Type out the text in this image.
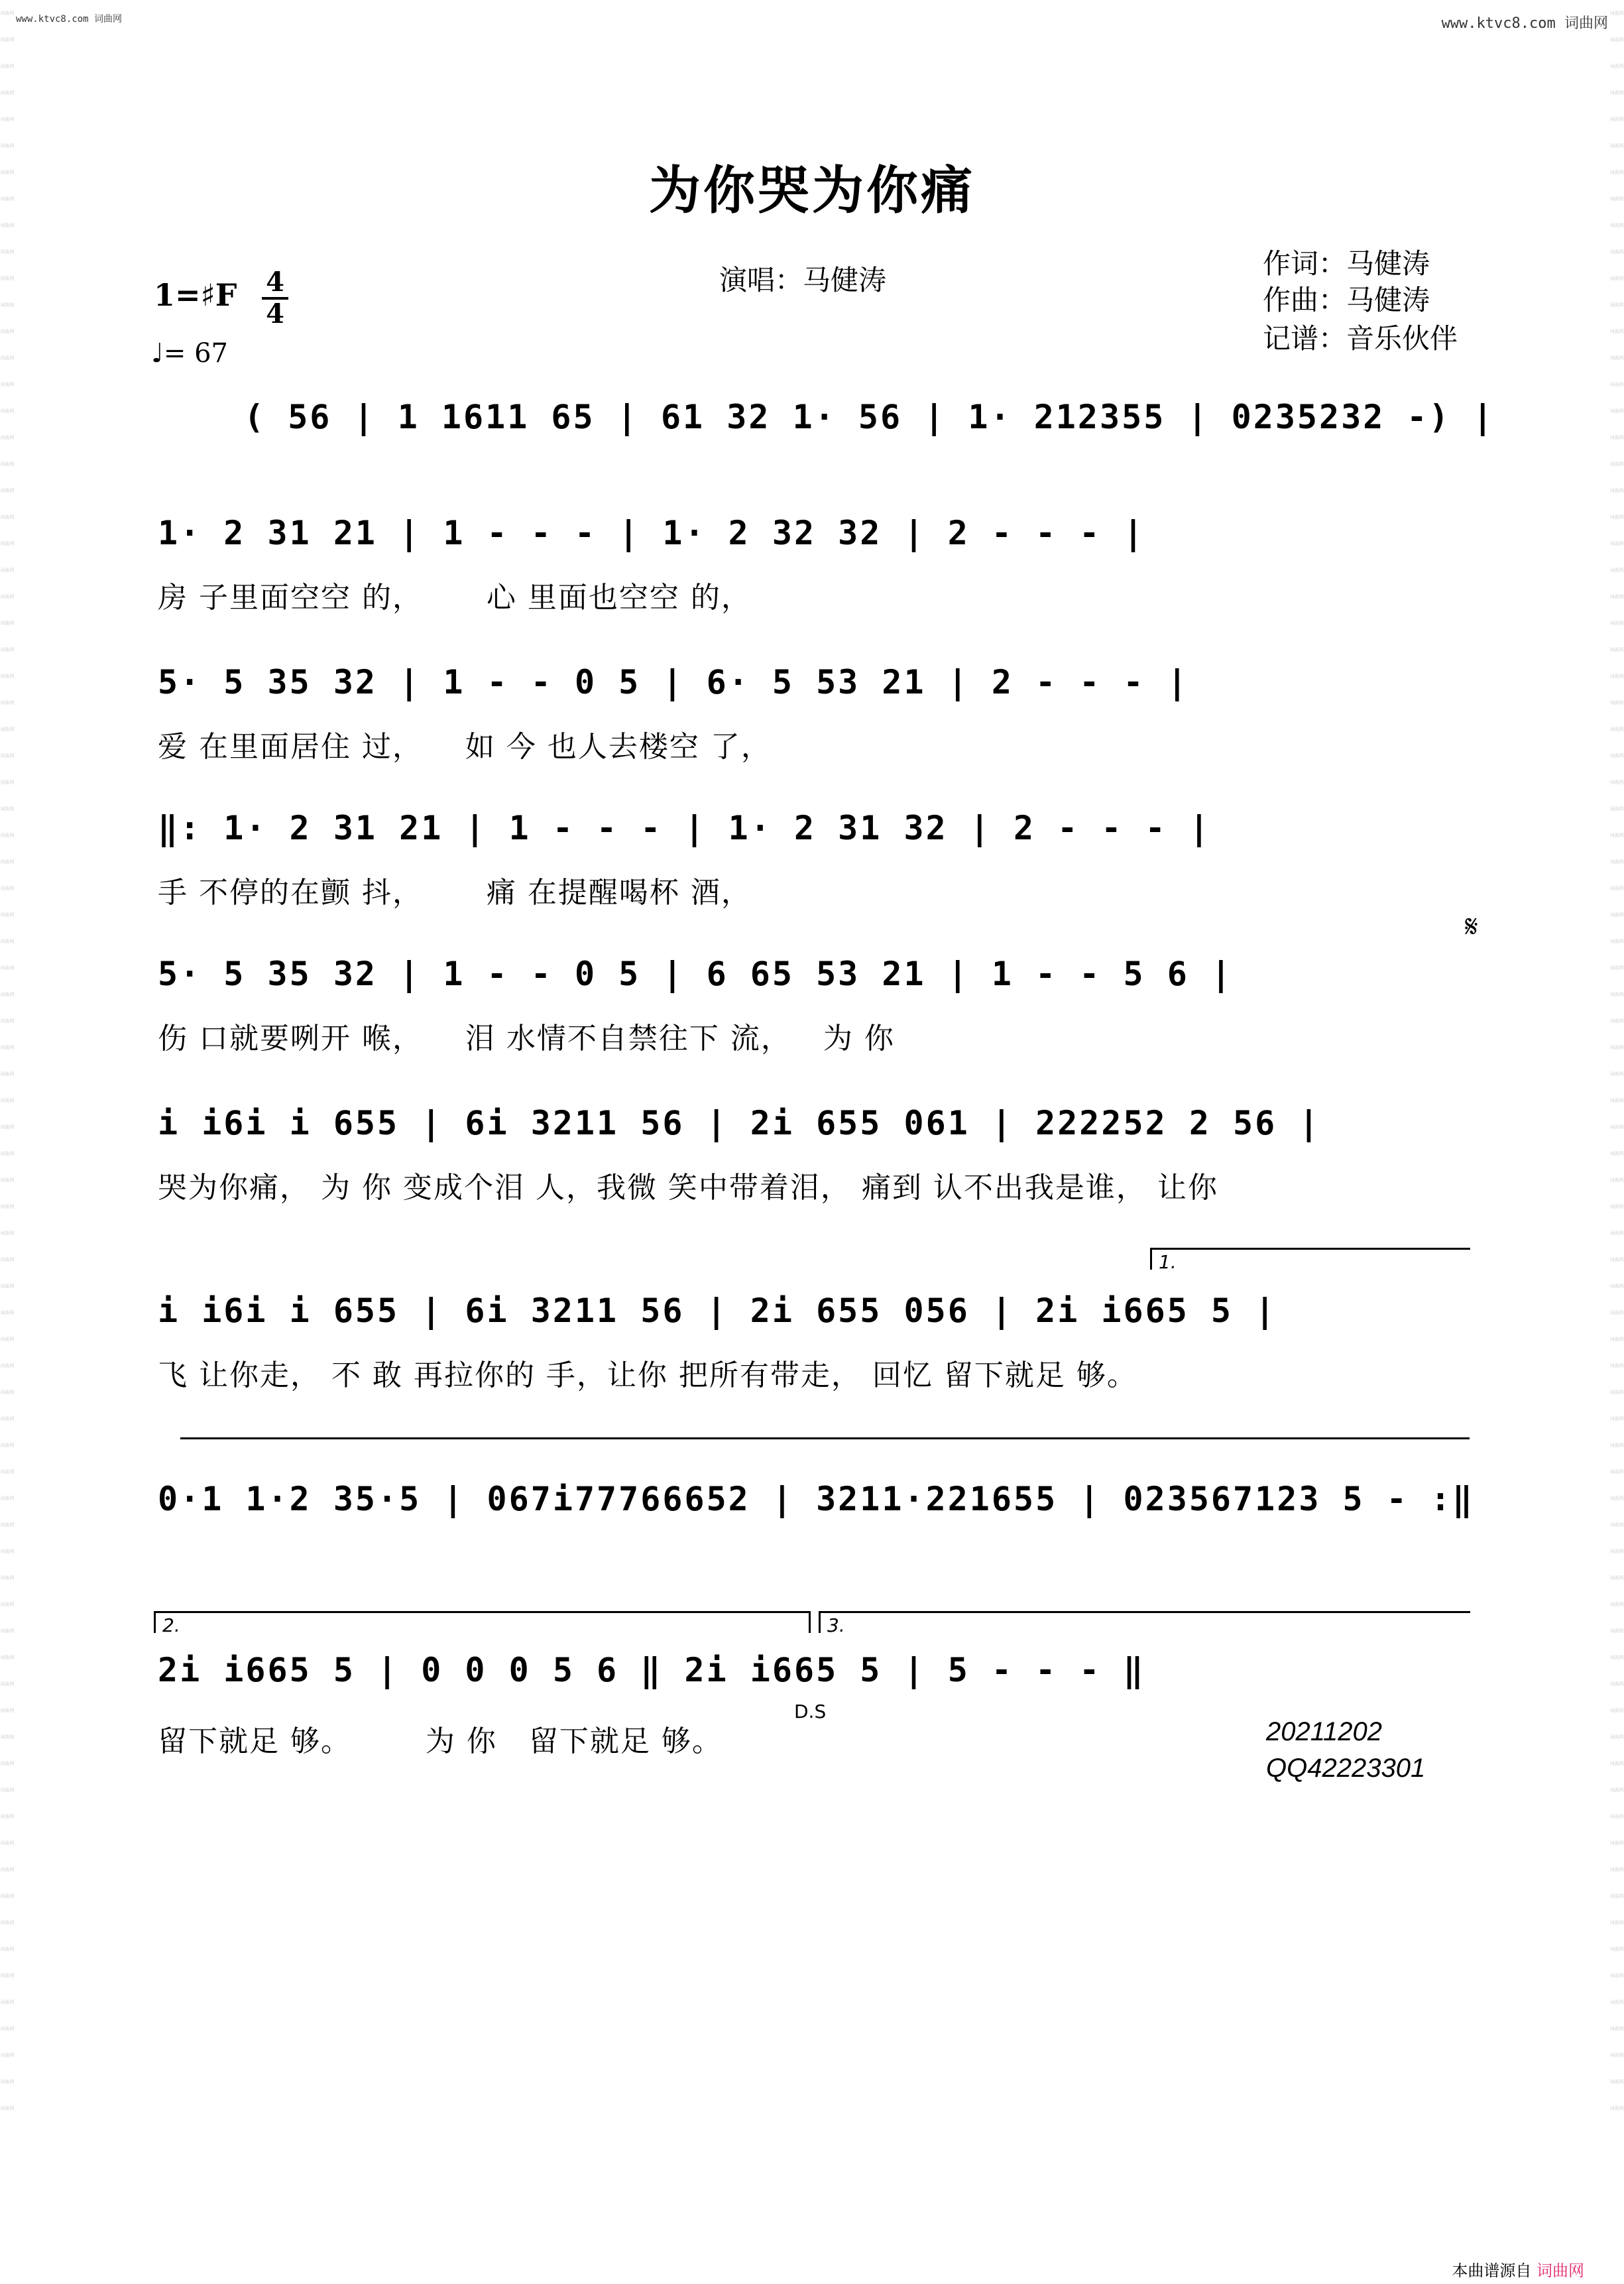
词曲网
词曲网
词曲网
词曲网
词曲网
词曲网
词曲网
词曲网
词曲网
词曲网
词曲网
词曲网
词曲网
词曲网
词曲网
词曲网
词曲网
词曲网
词曲网
词曲网
词曲网
词曲网
词曲网
词曲网
词曲网
词曲网
词曲网
词曲网
词曲网
词曲网
词曲网
词曲网
词曲网
词曲网
词曲网
词曲网
词曲网
词曲网
词曲网
词曲网
词曲网
词曲网
词曲网
词曲网
词曲网
词曲网
词曲网
词曲网
词曲网
词曲网
词曲网
词曲网
词曲网
词曲网
词曲网
词曲网
词曲网
词曲网
词曲网
词曲网
词曲网
词曲网
词曲网
词曲网
词曲网
词曲网
词曲网
词曲网
词曲网
词曲网
词曲网
词曲网
词曲网
词曲网
词曲网
词曲网
词曲网
词曲网
词曲网
词曲网
词曲网
词曲网
词曲网
词曲网
词曲网
词曲网
词曲网
词曲网
词曲网
词曲网
词曲网
词曲网
词曲网
词曲网
词曲网
词曲网
词曲网
词曲网
词曲网
词曲网
词曲网
词曲网
词曲网
词曲网
词曲网
词曲网
词曲网
词曲网
词曲网
词曲网
词曲网
词曲网
词曲网
词曲网
词曲网
词曲网
词曲网
词曲网
词曲网
词曲网
词曲网
词曲网
词曲网
词曲网
词曲网
词曲网
词曲网
词曲网
词曲网
词曲网
词曲网
词曲网
词曲网
词曲网
词曲网
词曲网
词曲网
词曲网
词曲网
词曲网
词曲网
词曲网
词曲网
词曲网
词曲网
词曲网
词曲网
词曲网
词曲网
词曲网
词曲网
词曲网
词曲网
词曲网
词曲网
词曲网
词曲网
词曲网
词曲网
词曲网
www.ktvc8.com 词曲网	www.ktvc8.com 词曲网
为你哭为你痛
演唱：马健涛
作词：马健涛
作曲：马健涛
记谱：音乐伙伴
1=♯F 4
4
♩= 67
( 56 | 1 1611 65 | 61 32 1· 56 | 1· 212355 | 0235232 -) |
1· 2 31 21 | 1 - - - | 1· 2 32 32 | 2 - - - |
房 子里面空空 的，      心 里面也空空 的，
5· 5 35 32 | 1 - - 0 5 | 6· 5 53 21 | 2 - - - |
爱 在里面居住 过，    如 今 也人去楼空 了，
‖: 1· 2 31 21 | 1 - - - | 1· 2 31 32 | 2 - - - |
手 不停的在颤 抖，      痛 在提醒喝杯 酒，
𝄋
5· 5 35 32 | 1 - - 0 5 | 6 65 53 21 | 1 - - 5 6 |
伤 口就要咧开 喉，    泪 水情不自禁往下 流，   为 你
i i6i i 655 | 6i 3211 56 | 2i 655 061 | 222252 2 56 |
哭为你痛， 为 你 变成个泪 人，我微 笑中带着泪， 痛到 认不出我是谁， 让你
1.
i i6i i 655 | 6i 3211 56 | 2i 655 056 | 2i i665 5 |
飞 让你走， 不 敢 再拉你的 手，让你 把所有带走， 回忆 留下就足 够。
0·1 1·2 35·5 | 067i77766652 | 3211·221655 | 023567123 5 - :‖
2.	3.
2i i665 5 | 0 0 0 5 6 ‖ 2i i665 5 | 5 - - - ‖
留下就足 够。       为 你   留下就足 够。
D.S
20211202
QQ42223301
本曲谱源自 词曲网
